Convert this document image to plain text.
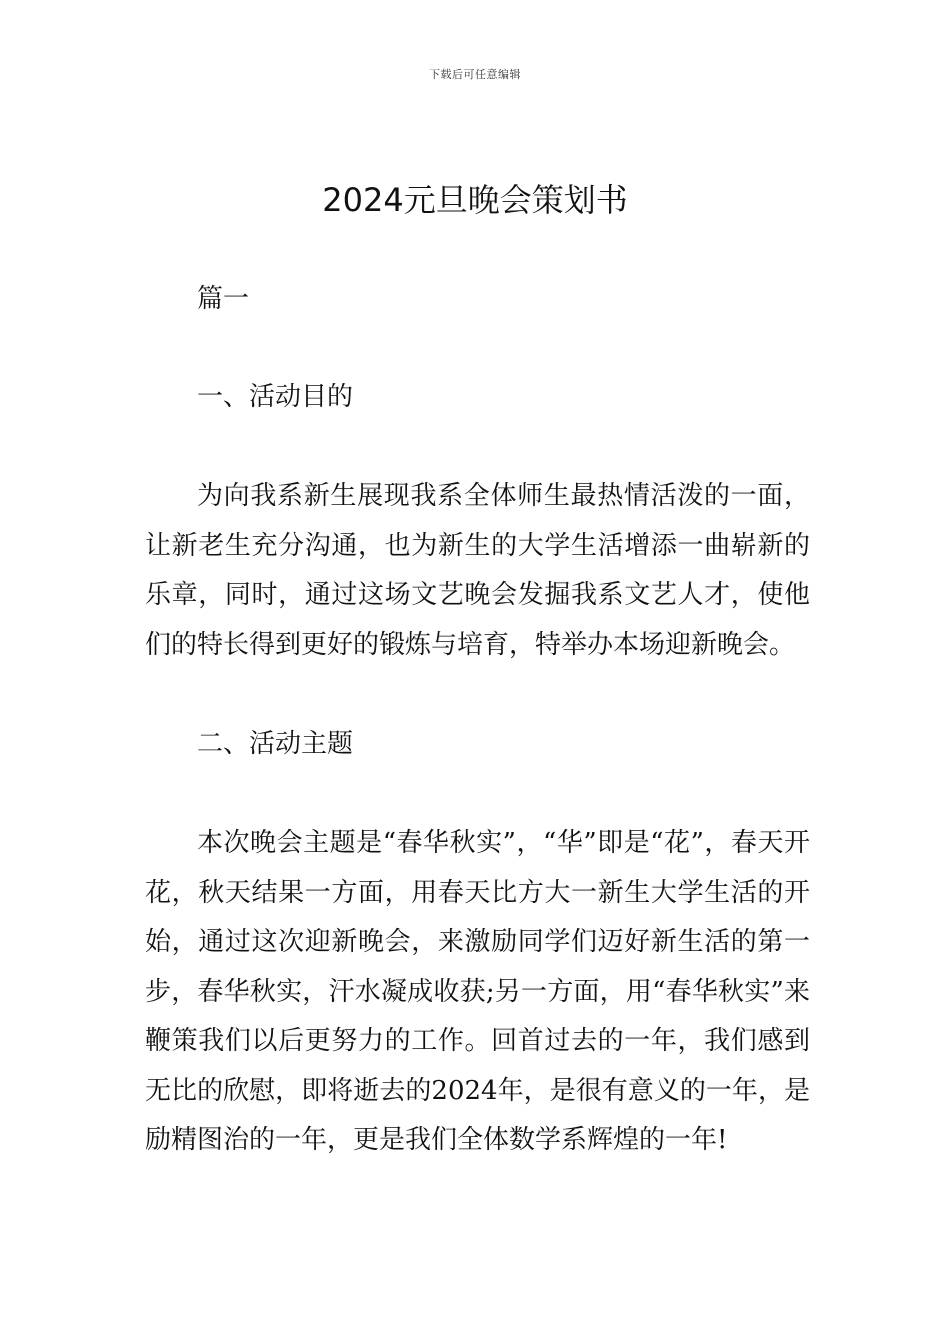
下载后可任意编辑
2024元旦晚会策划书

篇一

一、活动目的

为向我系新生展现我系全体师生最热情活泼的一面，让新老生充分沟通，也为新生的大学生活增添一曲崭新的乐章，同时，通过这场文艺晚会发掘我系文艺人才，使他们的特长得到更好的锻炼与培育，特举办本场迎新晚会。

二、活动主题

本次晚会主题是“春华秋实”，“华”即是“花”，春天开花，秋天结果一方面，用春天比方大一新生大学生活的开始，通过这次迎新晚会，来激励同学们迈好新生活的第一步，春华秋实，汗水凝成收获;另一方面，用“春华秋实”来鞭策我们以后更努力的工作。回首过去的一年，我们感到无比的欣慰，即将逝去的2024年，是很有意义的一年，是励精图治的一年，更是我们全体数学系辉煌的一年!
